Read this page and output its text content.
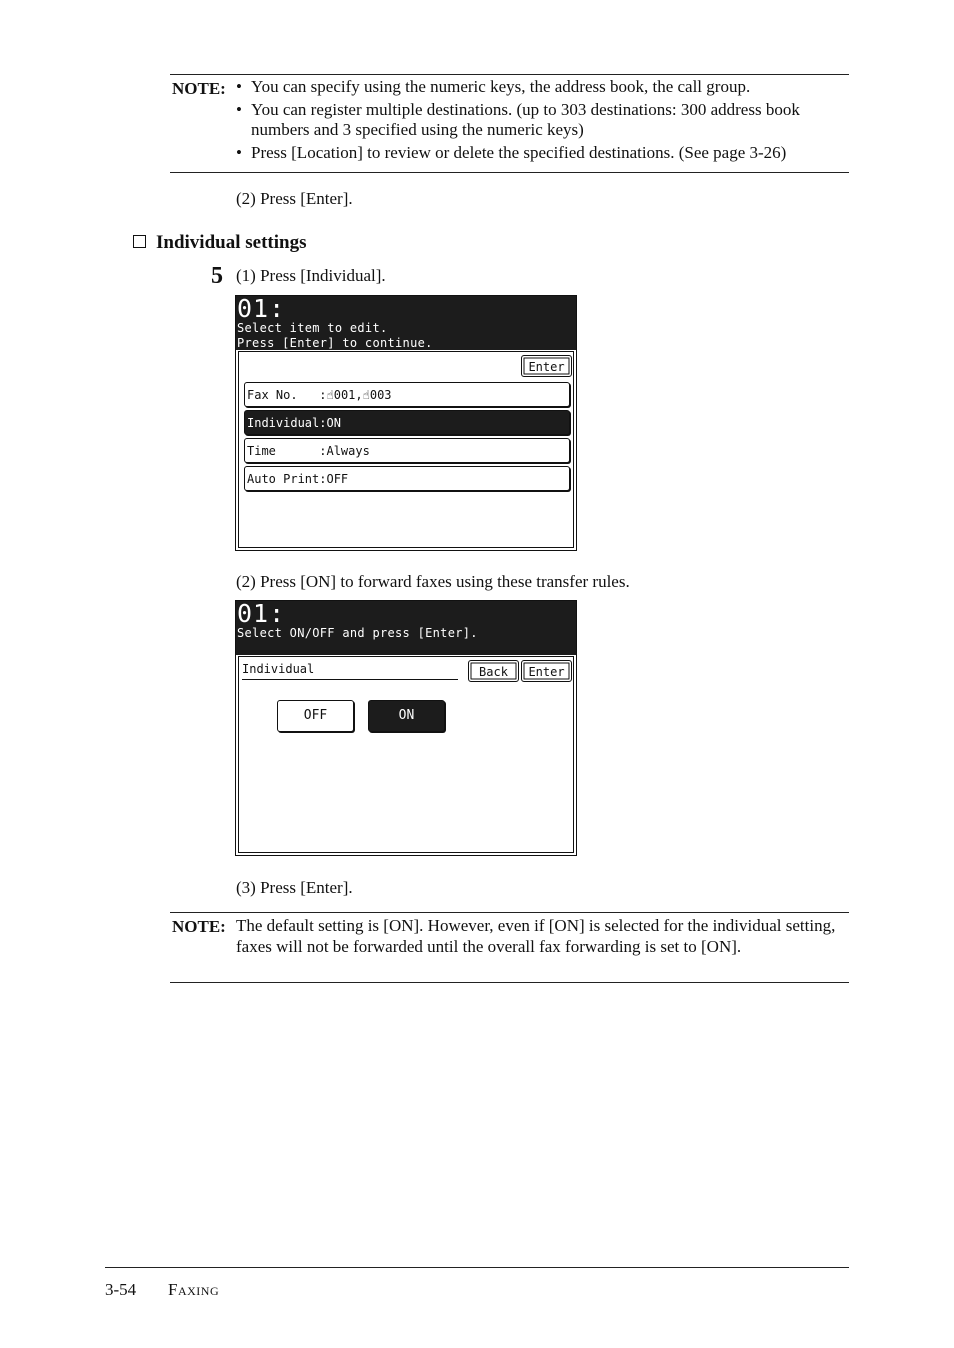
NOTE: • You can specify using the numeric keys, the address book, the call group.
• You can register multiple destinations. (up to 303 destinations: 300 address book numbers and 3 specified using the numeric keys)
• Press [Location] to review or delete the specified destinations. (See page 3-26)
(2) Press [Enter].
Individual settings
5 (1) Press [Individual].
01:
Select item to edit.
Press [Enter] to continue.
Enter
Fax No.   :☝001,☝003
Individual:ON
Time      :Always
Auto Print:OFF
(2) Press [ON] to forward faxes using these transfer rules.
01:
Select ON/OFF and press [Enter].
Individual	Back	Enter
OFF	ON
(3) Press [Enter].
NOTE: The default setting is [ON]. However, even if [ON] is selected for the individual setting, faxes will not be forwarded until the overall fax forwarding is set to [ON].
3-54 Faxing
